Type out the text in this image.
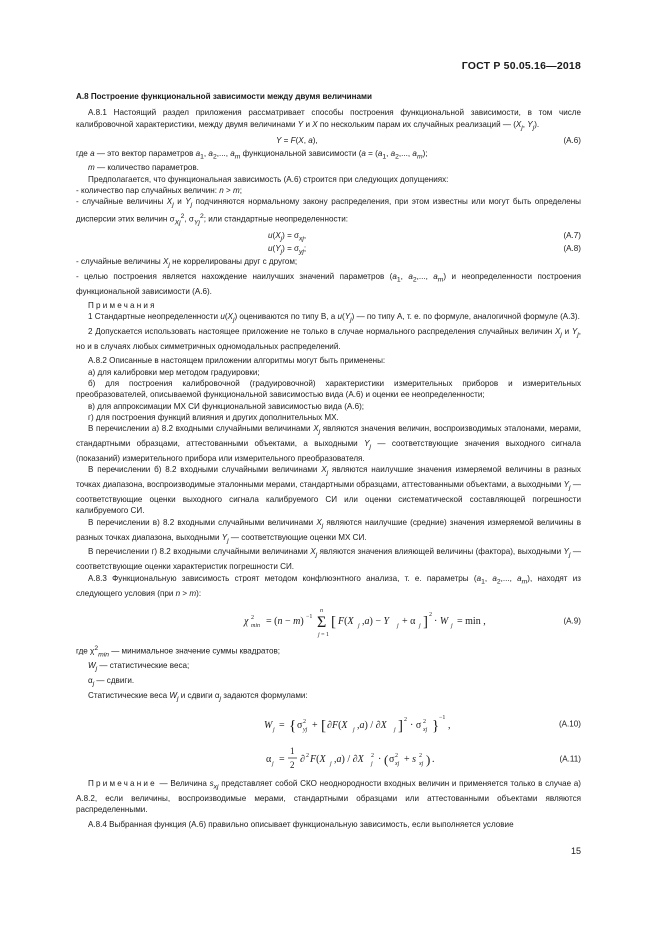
ГОСТ Р 50.05.16—2018
А.8 Построение функциональной зависимости между двумя величинами

А.8.1 Настоящий раздел приложения рассматривает способы построения функциональной зависимости, в том числе калибровочной характеристики, между двумя величинами Y и X по нескольким парам их случайных реализаций — ($X_j$, $Y_j$).

Y = F(X, a),	(А.6)

где a — это вектор параметров $a_1$, $a_2$,..., $a_m$ функциональной зависимости ($a = (a_1$, $a_2$,..., $a_m$);

m — количество параметров.

Предполагается, что функциональная зависимость (А.6) строится при следующих допущениях:

- количество пар случайных величин: n > m;

- случайные величины $X_j$ и $Y_j$ подчиняются нормальному закону распределения, при этом известны или могут быть определены дисперсии этих величин $\sigma_{Xj}^2$, $\sigma_{Yj}^2$; или стандартные неопределенности:

$u(X_j) = \sigma_{xj}$,	(А.7)
$u(Y_j) = \sigma_{yj}$;	(А.8)

- случайные величины $X_j$ не коррелированы друг с другом;

- целью построения является нахождение наилучших значений параметров ($a_1$, $a_2$,..., $a_m$) и неопределенности построения функциональной зависимости (А.6).

Примечания

1 Стандартные неопределенности $u(X_j)$ оцениваются по типу B, а $u(Y_j)$ — по типу A, т. е. по формуле, аналогичной формуле (А.3).

2 Допускается использовать настоящее приложение не только в случае нормального распределения случайных величин $X_j$ и $Y_j$, но и в случаях любых симметричных одномодальных распределений.

А.8.2 Описанные в настоящем приложении алгоритмы могут быть применены:

а) для калибровки мер методом градуировки;

б) для построения калибровочной (градуировочной) характеристики измерительных приборов и измерительных преобразователей, описываемой функциональной зависимостью вида (А.6) и оценки ее неопределенности;

в) для аппроксимации МХ СИ функциональной зависимостью вида (А.6);

г) для построения функций влияния и других дополнительных МХ.

В перечислении а) 8.2 входными случайными величинами $X_j$ являются значения величин, воспроизводимых эталонами, мерами, стандартными образцами, аттестованными объектами, а выходными $Y_j$ — соответствующие значения выходного сигнала (показаний) измерительного прибора или измерительного преобразователя.

В перечислении б) 8.2 входными случайными величинами $X_j$ являются наилучшие значения измеряемой величины в разных точках диапазона, воспроизводимые эталонными мерами, стандартными образцами, аттестованными объектами, а выходными $Y_j$ — соответствующие оценки выходного сигнала калибруемого СИ или оценки систематической составляющей погрешности калибруемого СИ.

В перечислении в) 8.2 входными случайными величинами $X_j$ являются наилучшие (средние) значения измеряемой величины в разных точках диапазона, выходными $Y_j$ — соответствующие оценки МХ СИ.

В перечислении г) 8.2 входными случайными величинами $X_j$ являются значения влияющей величины (фактора), выходными $Y_j$ — соответствующие оценки характеристик погрешности СИ.

А.8.3 Функциональную зависимость строят методом конфлюэнтного анализа, т. е. параметры ($a_1$, $a_2$,..., $a_m$), находят из следующего условия (при n > m):

χ 2
min = (n − m) −1 Σ
n
j = 1
[ F(X j ,a) − Y j + α j ] 2
· W j = min ,	(А.9)

где $\chi^2_{min}$ — минимальное значение суммы квадратов;

$W_j$ — статистические веса;

$\alpha_j$ — сдвиги.

Статистические веса $W_j$ и сдвиги $\alpha_j$ задаются формулами:

W j = { σ 2
yj + [ ∂F(X j ,a) / ∂X j ] 2 · σ 2
xj } −1
,	(А.10)
α j =
1
2 ∂ 2 F(X j ,a) / ∂X 2
j · ( σ 2
xj + s 2
xj ) .	(А.11)

Примечание — Величина $s_{xj}$ представляет собой СКО неоднородности входных величин и применяется только в случае а) А.8.2, если величины, воспроизводимые мерами, стандартными образцами или аттестованными объектами являются распределенными.

А.8.4 Выбранная функция (А.6) правильно описывает функциональную зависимость, если выполняется условие

15
